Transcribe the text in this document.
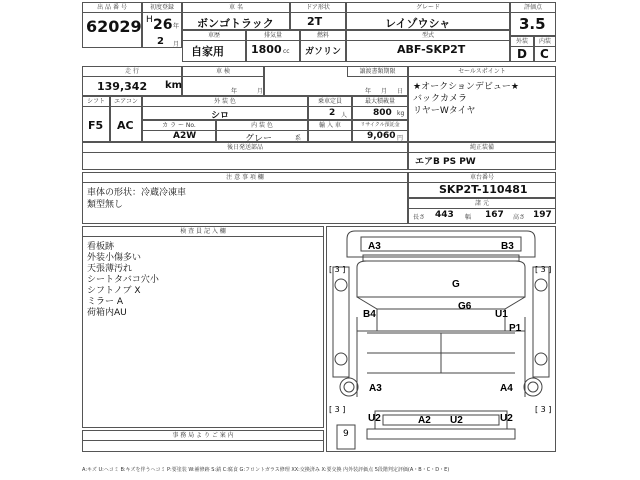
出 品 番 号
62029
初度登録
H 26 年
2 月
車 名
ボンゴトラック
ドア形状
2T
グレード
レイゾウシャ
評価点
3.5
車歴
自家用
排気量
1800 cc
燃料
ガソリン
型式
ABF-SKP2T
外装
D
内装
C
走 行
139,342 km
車 検
年	月
譲渡書類期限
年 月 日
セールスポイント
★オークションデビュー★
バックカメラ
リヤーWタイヤ
シフト
F5
エアコン
AC
外 装 色
シロ
乗車定員
2 人
最大積載量
800 kg
カ ラ ー No.
A2W
内 装 色
グレー	系
輸 入 車	リサイクル預託金
9,060 円
後日発送部品	純正装備
エアB PS PW
注 意 事 項 欄
車体の形状：冷蔵冷凍車
類型無し
車台番号
SKP2T-110481
諸 元
長さ 443 幅 167 高さ 197
検 査 員 記 入 欄
看板跡
外装小傷多い
天張薄汚れ
シートタバコ穴小
シフトノブ X
ミラー A
荷箱内AU
事 務 局 よ り ご 案 内
A3	B3
G
B4
G6
U1
P1
A3	A4
U2	U2
A2 U2
[ 3 ]	[ 3 ]
[ 3 ]	[ 3 ]
9
A:キズ U:ヘコミ B:キズを伴うヘコミ P:要塗装 W:補修跡 S:錆 C:腐食 G:フロントガラス修理 XX:交換済み X:要交換 内外装評価点 5段階判定評価(A・B・C・D・E)
